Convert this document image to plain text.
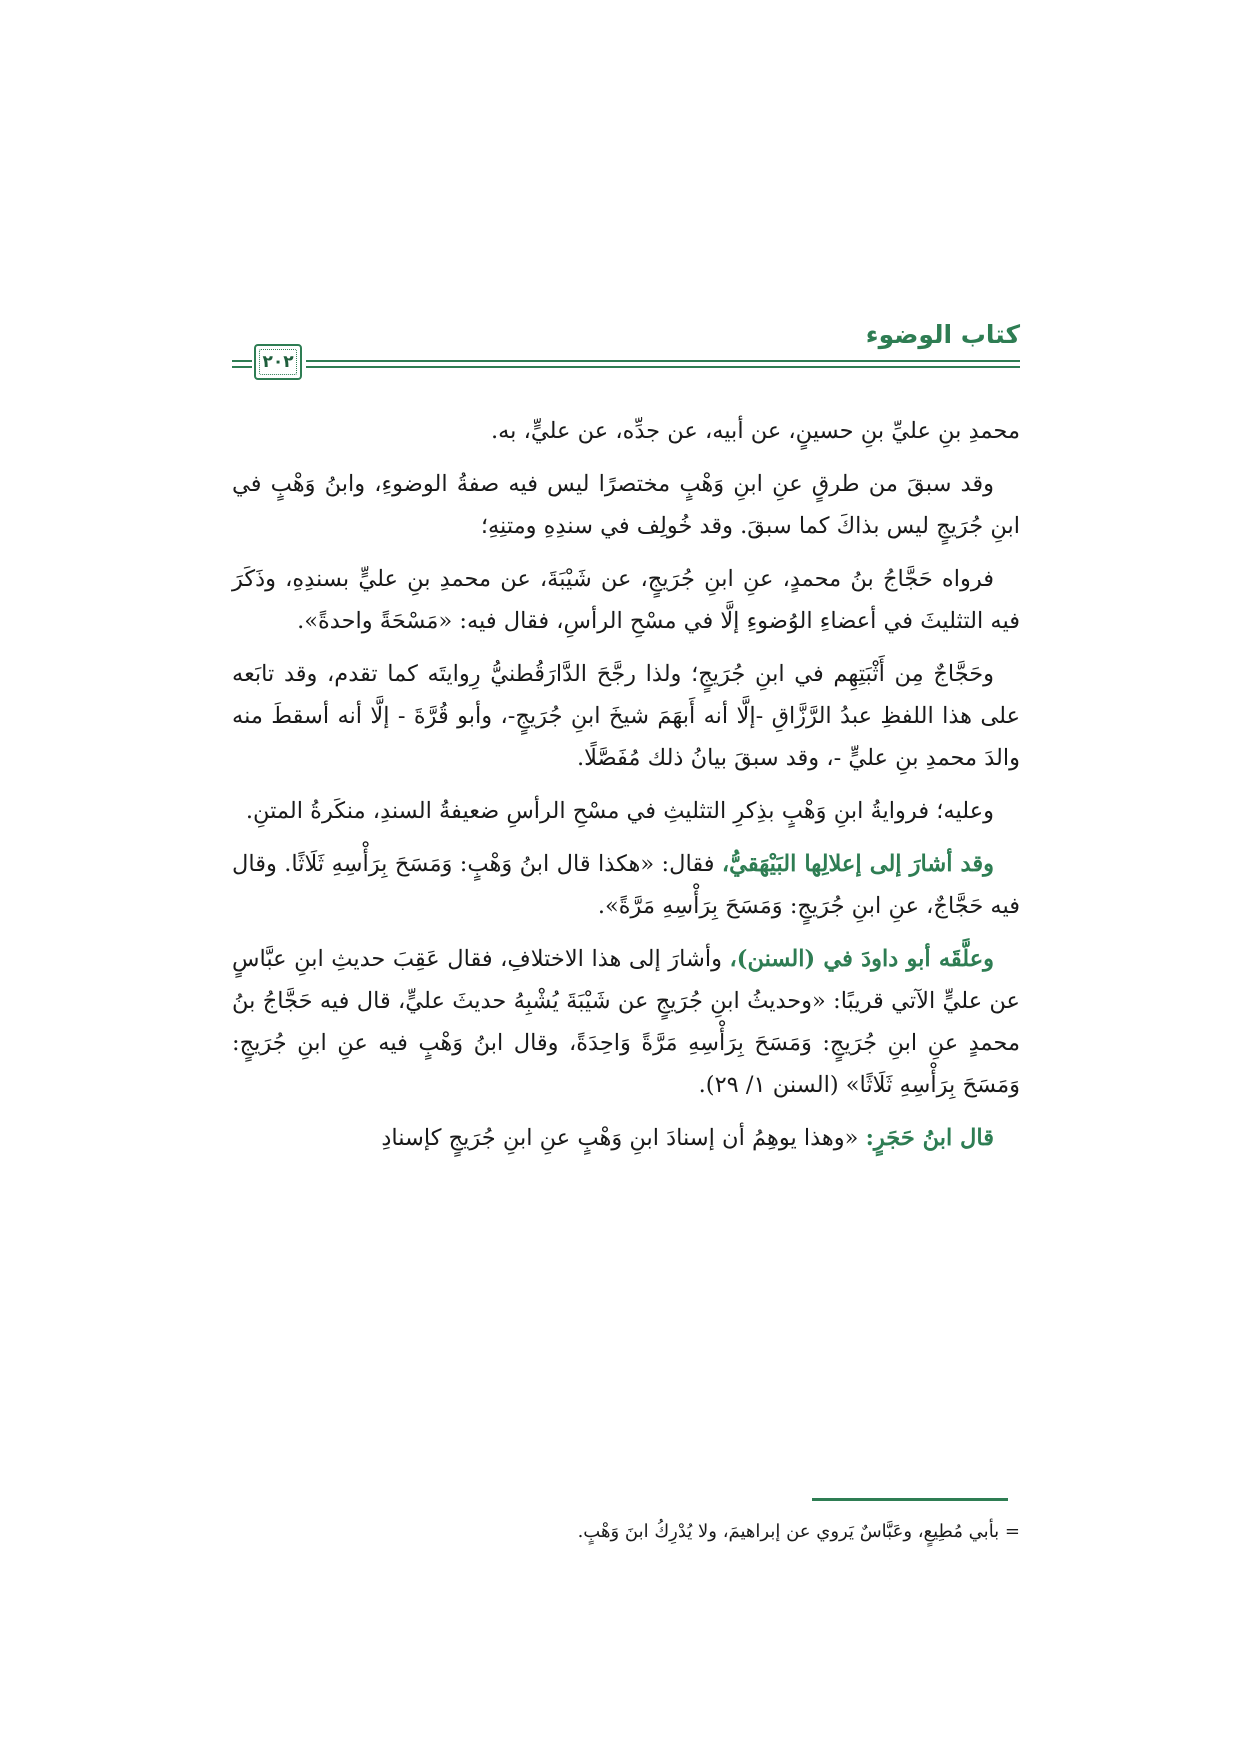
كتاب الوضوء
٢٠٢

محمدِ بنِ عليِّ بنِ حسينٍ، عن أبيه، عن جدِّه، عن عليٍّ، به.

وقد سبقَ من طرقٍ عنِ ابنِ وَهْبٍ مختصرًا ليس فيه صفةُ الوضوءِ، وابنُ وَهْبٍ في ابنِ جُرَيجٍ ليس بذاكَ كما سبقَ. وقد خُولِف في سندِهِ ومتنِهِ؛

فرواه حَجَّاجُ بنُ محمدٍ، عنِ ابنِ جُرَيجٍ، عن شَيْبَةَ، عن محمدِ بنِ عليٍّ بسندِهِ، وذَكَرَ فيه التثليثَ في أعضاءِ الوُضوءِ إلَّا في مسْحِ الرأسِ، فقال فيه: «مَسْحَةً واحدةً».

وحَجَّاجٌ مِن أَثْبَتِهِم في ابنِ جُرَيجٍ؛ ولذا رجَّحَ الدَّارَقُطنيُّ رِوايتَه كما تقدم، وقد تابَعه على هذا اللفظِ عبدُ الرَّزَّاقِ -إلَّا أنه أَبهَمَ شيخَ ابنِ جُرَيجٍ-، وأبو قُرَّةَ - إلَّا أنه أسقطَ منه والدَ محمدِ بنِ عليٍّ -، وقد سبقَ بيانُ ذلك مُفَصَّلًا.

وعليه؛ فروايةُ ابنِ وَهْبٍ بذِكرِ التثليثِ في مسْحِ الرأسِ ضعيفةُ السندِ، منكَرةُ المتنِ.

وقد أشارَ إلى إعلالِها البَيْهَقيُّ، فقال: «هكذا قال ابنُ وَهْبٍ: وَمَسَحَ بِرَأْسِهِ ثَلَاثًا. وقال فيه حَجَّاجٌ، عنِ ابنِ جُرَيجٍ: وَمَسَحَ بِرَأْسِهِ مَرَّةً».

وعلَّقَه أبو داودَ في (السنن)، وأشارَ إلى هذا الاختلافِ، فقال عَقِبَ حديثِ ابنِ عبَّاسٍ عن عليٍّ الآتي قريبًا: «وحديثُ ابنِ جُرَيجٍ عن شَيْبَةَ يُشْبِهُ حديثَ عليٍّ، قال فيه حَجَّاجُ بنُ محمدٍ عنِ ابنِ جُرَيجٍ: وَمَسَحَ بِرَأْسِهِ مَرَّةً وَاحِدَةً، وقال ابنُ وَهْبٍ فيه عنِ ابنِ جُرَيجٍ: وَمَسَحَ بِرَأْسِهِ ثَلَاثًا» (السنن ١/ ٢٩).

قال ابنُ حَجَرٍ: «وهذا يوهِمُ أن إسنادَ ابنِ وَهْبٍ عنِ ابنِ جُرَيجٍ كإسنادِ

= بأبي مُطِيعٍ، وعَبَّاسٌ يَروي عن إبراهيمَ، ولا يُدْرِكُ ابنَ وَهْبٍ.
